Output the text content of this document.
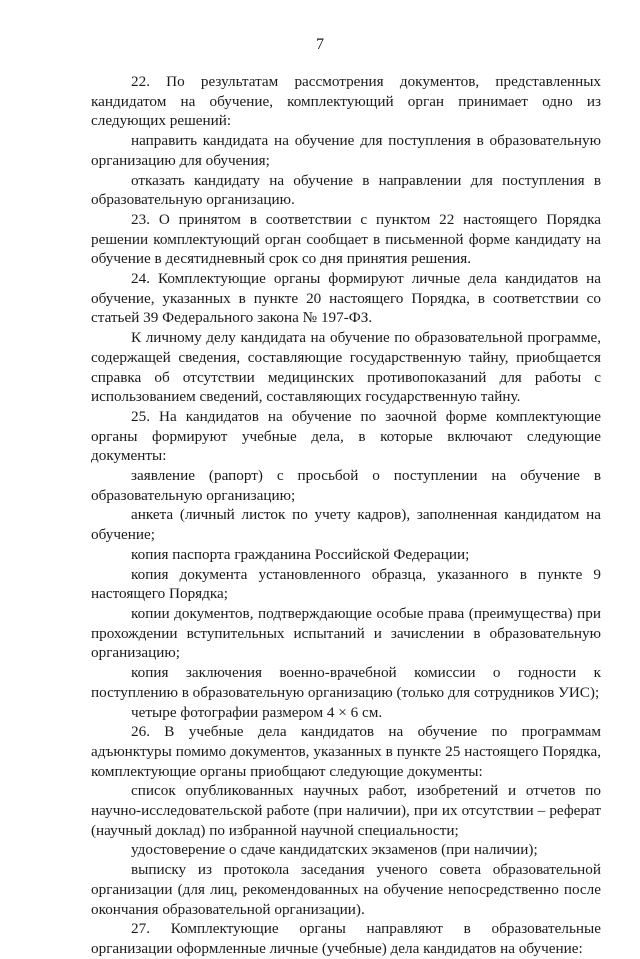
7

22. По результатам рассмотрения документов, представленных кандидатом на обучение, комплектующий орган принимает одно из следующих решений:

направить кандидата на обучение для поступления в образовательную организацию для обучения;

отказать кандидату на обучение в направлении для поступления в образовательную организацию.

23. О принятом в соответствии с пунктом 22 настоящего Порядка решении комплектующий орган сообщает в письменной форме кандидату на обучение в десятидневный срок со дня принятия решения.

24. Комплектующие органы формируют личные дела кандидатов на обучение, указанных в пункте 20 настоящего Порядка, в соответствии со статьей 39 Федерального закона № 197-ФЗ.

К личному делу кандидата на обучение по образовательной программе, содержащей сведения, составляющие государственную тайну, приобщается справка об отсутствии медицинских противопоказаний для работы с использованием сведений, составляющих государственную тайну.

25. На кандидатов на обучение по заочной форме комплектующие органы формируют учебные дела, в которые включают следующие документы:

заявление (рапорт) с просьбой о поступлении на обучение в образовательную организацию;

анкета (личный листок по учету кадров), заполненная кандидатом на обучение;

копия паспорта гражданина Российской Федерации;

копия документа установленного образца, указанного в пункте 9 настоящего Порядка;

копии документов, подтверждающие особые права (преимущества) при прохождении вступительных испытаний и зачислении в образовательную организацию;

копия заключения военно-врачебной комиссии о годности к поступлению в образовательную организацию (только для сотрудников УИС);

четыре фотографии размером 4 × 6 см.

26. В учебные дела кандидатов на обучение по программам адъюнктуры помимо документов, указанных в пункте 25 настоящего Порядка, комплектующие органы приобщают следующие документы:

список опубликованных научных работ, изобретений и отчетов по научно-исследовательской работе (при наличии), при их отсутствии – реферат (научный доклад) по избранной научной специальности;

удостоверение о сдаче кандидатских экзаменов (при наличии);

выписку из протокола заседания ученого совета образовательной организации (для лиц, рекомендованных на обучение непосредственно после окончания образовательной организации).

27. Комплектующие органы направляют в образовательные организации оформленные личные (учебные) дела кандидатов на обучение:
